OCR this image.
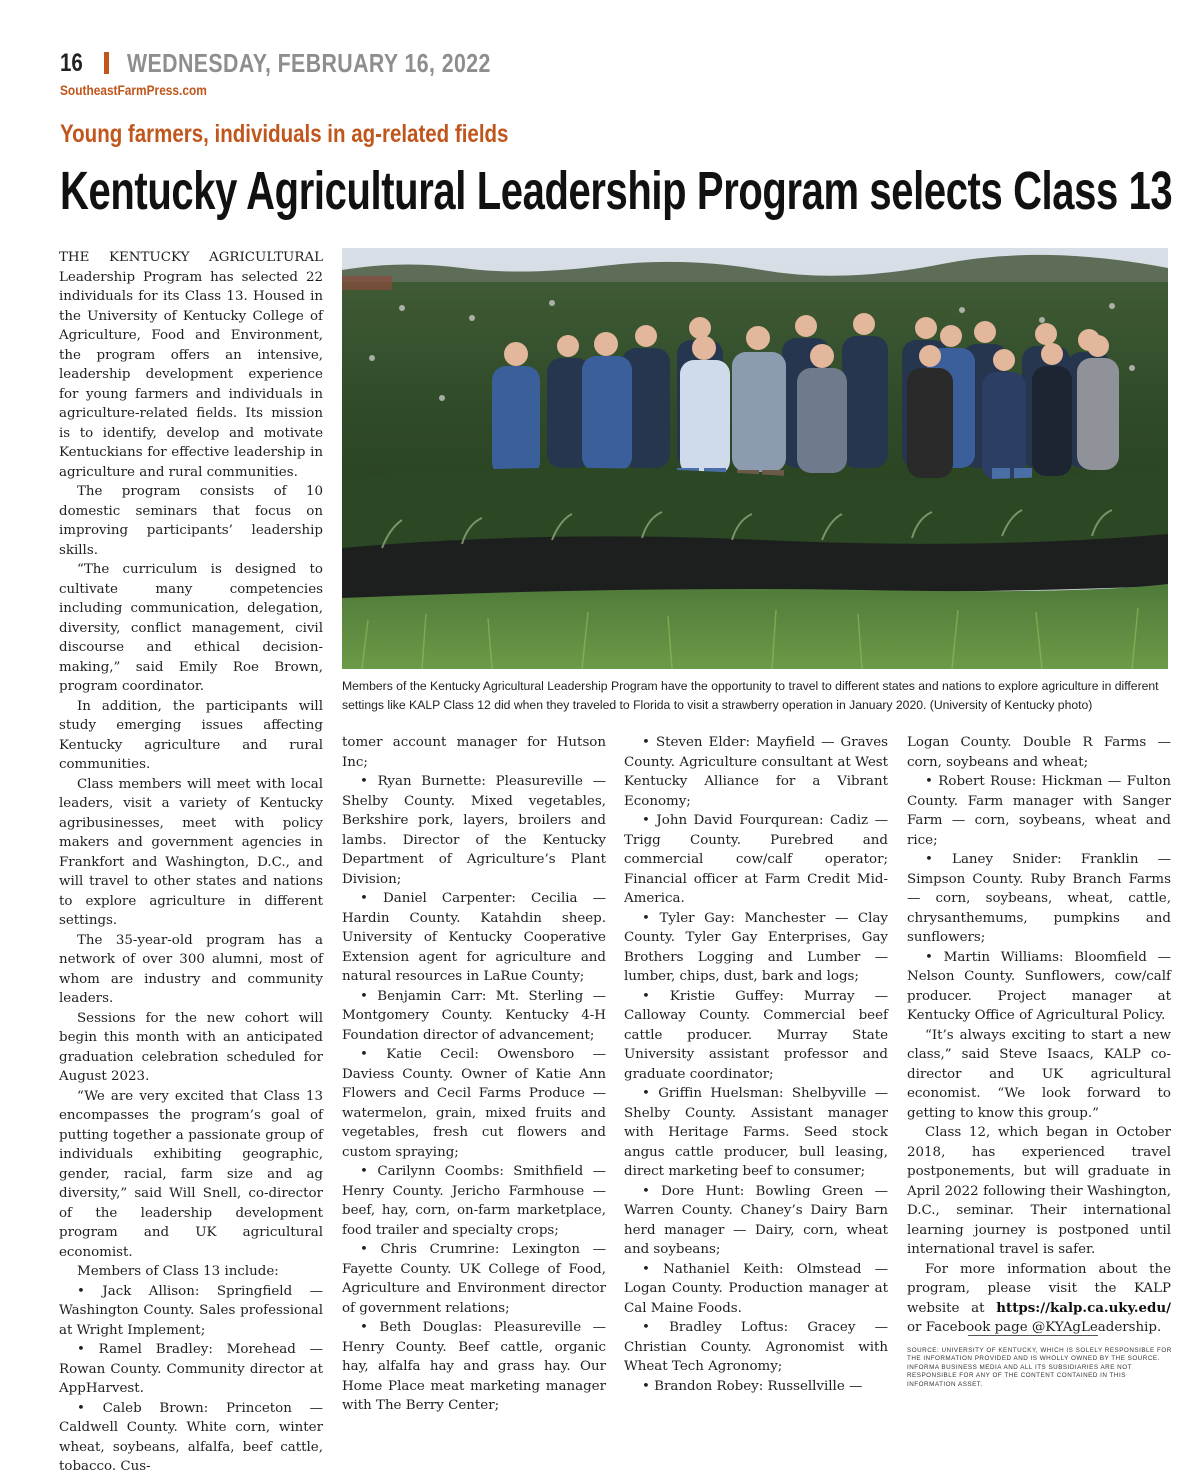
16 WEDNESDAY, FEBRUARY 16, 2022
SoutheastFarmPress.com
Young farmers, individuals in ag-related fields
Kentucky Agricultural Leadership Program selects Class 13

THE KENTUCKY AGRICULTURAL Leadership Program has selected 22 individuals for its Class 13. Housed in the University of Kentucky College of Agriculture, Food and Environment, the program offers an intensive, leadership development experience for young farmers and individuals in agriculture-related fields. Its mission is to identify, develop and motivate Kentuckians for effective leadership in agriculture and rural communities.

The program consists of 10 domestic seminars that focus on improving participants’ leadership skills.

“The curriculum is designed to cultivate many competencies including communication, delegation, diversity, conflict management, civil discourse and ethical decision-making,” said Emily Roe Brown, program coordinator.

In addition, the participants will study emerging issues affecting Kentucky agriculture and rural communities.

Class members will meet with local leaders, visit a variety of Kentucky agribusinesses, meet with policy makers and government agencies in Frankfort and Washington, D.C., and will travel to other states and nations to explore agriculture in different settings.

The 35-year-old program has a network of over 300 alumni, most of whom are industry and community leaders.

Sessions for the new cohort will begin this month with an anticipated graduation celebration scheduled for August 2023.

“We are very excited that Class 13 encompasses the program’s goal of putting together a passionate group of individuals exhibiting geographic, gender, racial, farm size and ag diversity,” said Will Snell, co-director of the leadership development program and UK agricultural economist.

Members of Class 13 include:

• Jack Allison: Springfield — Washington County. Sales professional at Wright Implement;

• Ramel Bradley: Morehead — Rowan County. Community director at AppHarvest.

• Caleb Brown: Princeton — Caldwell County. White corn, winter wheat, soybeans, alfalfa, beef cattle, tobacco. Cus-

Members of the Kentucky Agricultural Leadership Program have the opportunity to travel to different states and nations to explore agriculture in different settings like KALP Class 12 did when they traveled to Florida to visit a strawberry operation in January 2020. (University of Kentucky photo)

tomer account manager for Hutson Inc;

• Ryan Burnette: Pleasureville — Shelby County. Mixed vegetables, Berkshire pork, layers, broilers and lambs. Director of the Kentucky Department of Agriculture’s Plant Division;

• Daniel Carpenter: Cecilia — Hardin County. Katahdin sheep. University of Kentucky Cooperative Extension agent for agriculture and natural resources in LaRue County;

• Benjamin Carr: Mt. Sterling — Montgomery County. Kentucky 4-H Foundation director of advancement;

• Katie Cecil: Owensboro — Daviess County. Owner of Katie Ann Flowers and Cecil Farms Produce — watermelon, grain, mixed fruits and vegetables, fresh cut flowers and custom spraying;

• Carilynn Coombs: Smithfield — Henry County. Jericho Farmhouse — beef, hay, corn, on-farm marketplace, food trailer and specialty crops;

• Chris Crumrine: Lexington — Fayette County. UK College of Food, Agriculture and Environment director of government relations;

• Beth Douglas: Pleasureville — Henry County. Beef cattle, organic hay, alfalfa hay and grass hay. Our Home Place meat marketing manager with The Berry Center;

• Steven Elder: Mayfield — Graves County. Agriculture consultant at West Kentucky Alliance for a Vibrant Economy;

• John David Fourqurean: Cadiz — Trigg County. Purebred and commercial cow/calf operator; Financial officer at Farm Credit Mid-America.

• Tyler Gay: Manchester — Clay County. Tyler Gay Enterprises, Gay Brothers Logging and Lumber — lumber, chips, dust, bark and logs;

• Kristie Guffey: Murray — Calloway County. Commercial beef cattle producer. Murray State University assistant professor and graduate coordinator;

• Griffin Huelsman: Shelbyville — Shelby County. Assistant manager with Heritage Farms. Seed stock angus cattle producer, bull leasing, direct marketing beef to consumer;

• Dore Hunt: Bowling Green — Warren County. Chaney’s Dairy Barn herd manager — Dairy, corn, wheat and soybeans;

• Nathaniel Keith: Olmstead — Logan County. Production manager at Cal Maine Foods.

• Bradley Loftus: Gracey — Christian County. Agronomist with Wheat Tech Agronomy;

• Brandon Robey: Russellville —

Logan County. Double R Farms — corn, soybeans and wheat;

• Robert Rouse: Hickman — Fulton County. Farm manager with Sanger Farm — corn, soybeans, wheat and rice;

• Laney Snider: Franklin — Simpson County. Ruby Branch Farms — corn, soybeans, wheat, cattle, chrysanthemums, pumpkins and sunflowers;

• Martin Williams: Bloomfield — Nelson County. Sunflowers, cow/calf producer. Project manager at Kentucky Office of Agricultural Policy.

“It’s always exciting to start a new class,” said Steve Isaacs, KALP co-director and UK agricultural economist. “We look forward to getting to know this group.”

Class 12, which began in October 2018, has experienced travel postponements, but will graduate in April 2022 following their Washington, D.C., seminar. Their international learning journey is postponed until international travel is safer.

For more information about the program, please visit the KALP website at https://kalp.ca.uky.edu/ or Facebook page @KYAgLeadership.

SOURCE: UNIVERSITY OF KENTUCKY, WHICH IS SOLELY RESPONSIBLE FOR THE INFORMATION PROVIDED AND IS WHOLLY OWNED BY THE SOURCE. INFORMA BUSINESS MEDIA AND ALL ITS SUBSIDIARIES ARE NOT RESPONSIBLE FOR ANY OF THE CONTENT CONTAINED IN THIS INFORMATION ASSET.
